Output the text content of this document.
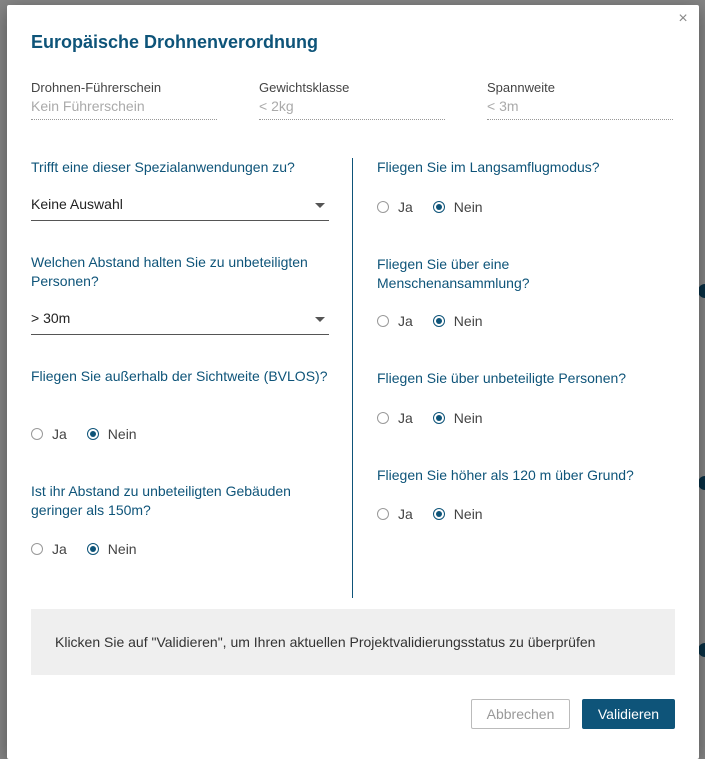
×
Europäische Drohnenverordnung
Drohnen-Führerschein
Kein Führerschein
Gewichtsklasse
< 2kg
Spannweite
< 3m
Trifft eine dieser Spezialanwendungen zu?
Keine Auswahl
Welchen Abstand halten Sie zu unbeteiligten Personen?
> 30m
Fliegen Sie außerhalb der Sichtweite (BVLOS)?
Ja	Nein
Ist ihr Abstand zu unbeteiligten Gebäuden geringer als 150m?
Ja	Nein
Fliegen Sie im Langsamflugmodus?
Ja	Nein
Fliegen Sie über eine Menschenansammlung?
Ja	Nein
Fliegen Sie über unbeteiligte Personen?
Ja	Nein
Fliegen Sie höher als 120 m über Grund?
Ja	Nein
Klicken Sie auf "Validieren", um Ihren aktuellen Projektvalidierungsstatus zu überprüfen
Abbrechen	Validieren
